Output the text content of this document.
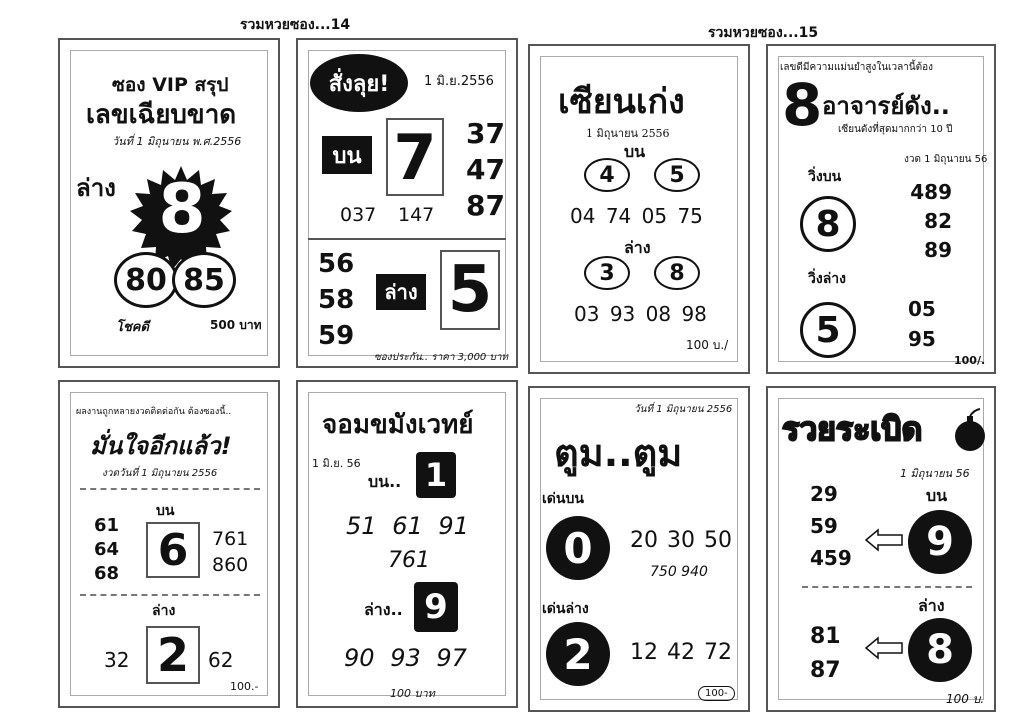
รวมหวยซอง...14	รวมหวยซอง...15
ซอง VIP สรุป
เลขเฉียบขาด
วันที่ 1 มิถุนายน พ.ศ.2556
ล่าง 8
80 85
โชคดี	500 บาท
สั่งลุย!	1 มิ.ย.2556
บน 7 37
47
87
037 147
56
58
59
ล่าง 5
ซองประกัน.. ราคา 3,000 บาท
เซียนเก่ง
1 มิถุนายน 2556
บน
4	5
04 74 05 75
ล่าง
3	8
03 93 08 98
100 บ./
เลขดีมีความแม่นยำสูงในเวลานี้ต้อง
8 อาจารย์ดัง..
เซียนดังที่สุดมากกว่า 10 ปี
งวด 1 มิถุนายน 56
วิ่งบน
8
489
82
89
วิ่งล่าง
5
05
95
100/.
ผลงานถูกหลายงวดติดต่อกัน ต้องซองนี้..
มั่นใจอีกแล้ว!
งวดวันที่ 1 มิถุนายน 2556
บน
61
64
68 6	761
860
ล่าง
32 2 62
100.-
จอมขมังเวทย์
1 มิ.ย. 56
บน.. 1
51 61 91
761
ล่าง.. 9
90 93 97
100 บาท
วันที่ 1 มิถุนายน 2556
ตูม..ตูม
เด่นบน
0	20 30 50
750 940
เด่นล่าง
2	12 42 72
100-
รวยระเบิด
1 มิถุนายน 56
29
59
459
บน
9
ล่าง
81
87	8
100 บ.
